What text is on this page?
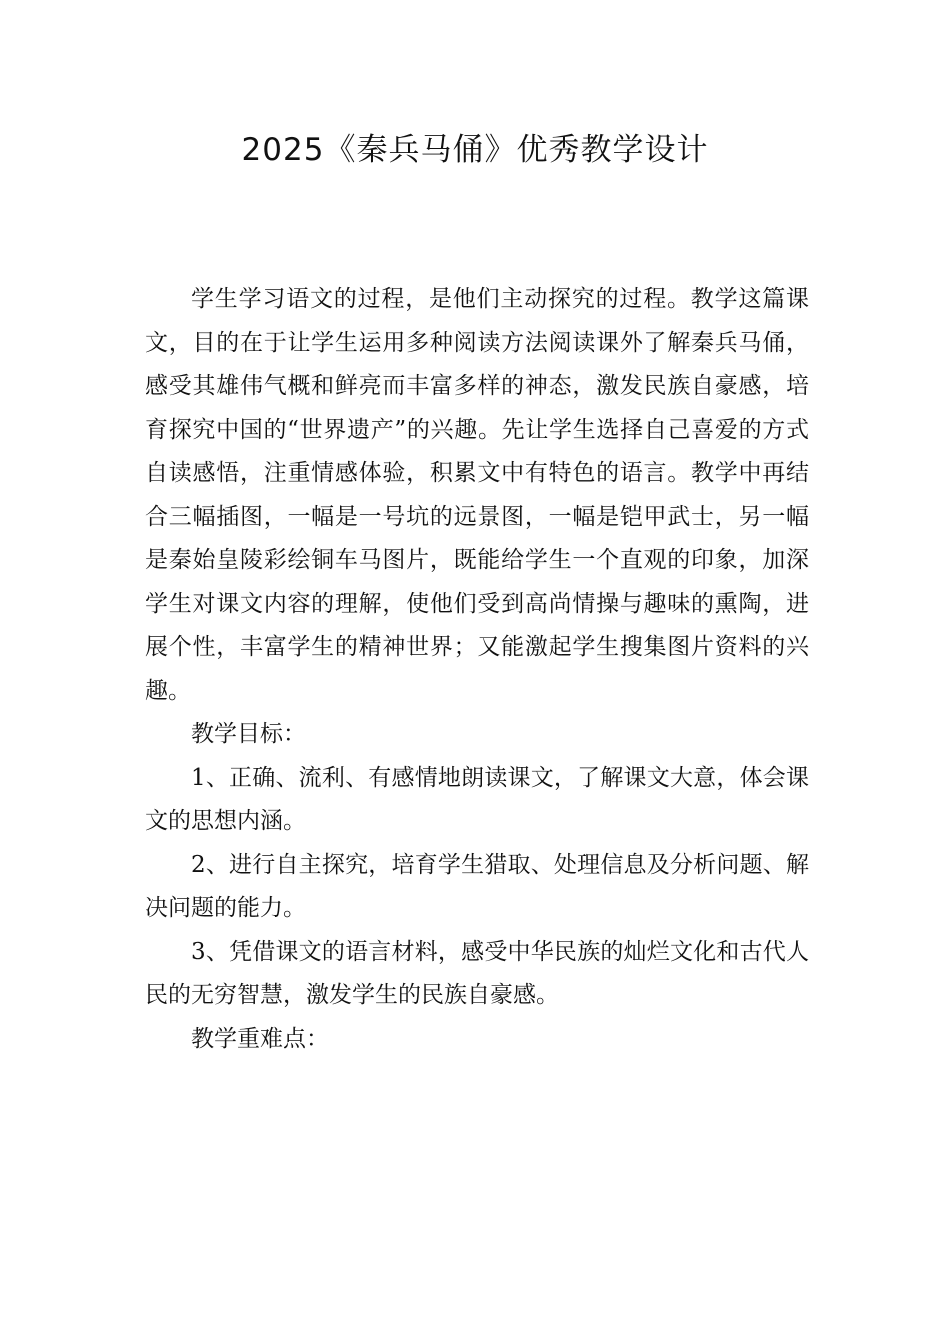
2025《秦兵马俑》优秀教学设计

学生学习语文的过程，是他们主动探究的过程。教学这篇课文，目的在于让学生运用多种阅读方法阅读课外了解秦兵马俑，感受其雄伟气概和鲜亮而丰富多样的神态，激发民族自豪感，培育探究中国的“世界遗产”的兴趣。先让学生选择自己喜爱的方式自读感悟，注重情感体验，积累文中有特色的语言。教学中再结合三幅插图，一幅是一号坑的远景图，一幅是铠甲武士，另一幅是秦始皇陵彩绘铜车马图片，既能给学生一个直观的印象，加深学生对课文内容的理解，使他们受到高尚情操与趣味的熏陶，进展个性，丰富学生的精神世界；又能激起学生搜集图片资料的兴趣。

教学目标：

1、正确、流利、有感情地朗读课文，了解课文大意，体会课文的思想内涵。

2、进行自主探究，培育学生猎取、处理信息及分析问题、解决问题的能力。

3、凭借课文的语言材料，感受中华民族的灿烂文化和古代人民的无穷智慧，激发学生的民族自豪感。

教学重难点：
